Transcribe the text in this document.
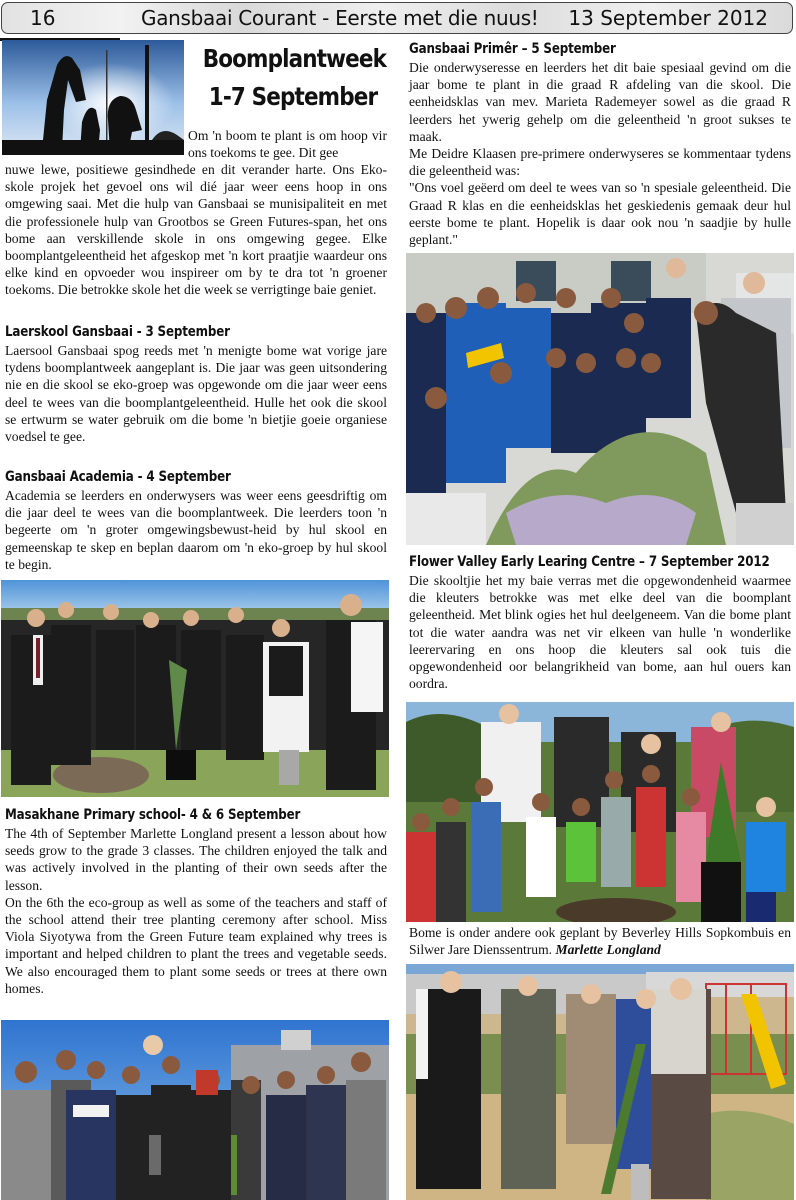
16	Gansbaai Courant - Eerste met die nuus! 13 September 2012
Boomplantweek
1-7 September

Om 'n boom te plant is om hoop vir ons toekoms te gee. Dit gee

nuwe lewe, positiewe gesindhede en dit verander harte. Ons Eko-skole projek het gevoel ons wil dié jaar weer eens hoop in ons omgewing saai. Met die hulp van Gansbaai se munisipaliteit en met die professionele hulp van Grootbos se Green Futures-span, het ons bome aan verskillende skole in ons omgewing gegee. Elke boomplantgeleentheid het afgeskop met 'n kort praatjie waardeur ons elke kind en opvoeder wou inspireer om by te dra tot 'n groener toekoms. Die betrokke skole het die week se verrigtinge baie geniet.

Laerskool Gansbaai - 3 September

Laersool Gansbaai spog reeds met 'n menigte bome wat vorige jare tydens boomplantweek aangeplant is. Die jaar was geen uitsondering nie en die skool se eko-groep was opgewonde om die jaar weer eens deel te wees van die boomplantgeleentheid. Hulle het ook die skool se ertwurm se water gebruik om die bome 'n bietjie goeie organiese voedsel te gee.

Gansbaai Academia - 4 September

Academia se leerders en onderwysers was weer eens geesdriftig om die jaar deel te wees van die boomplantweek. Die leerders toon 'n begeerte om 'n groter omgewingsbewust-heid by hul skool en gemeenskap te skep en beplan daarom om 'n eko-groep by hul skool te begin.

Masakhane Primary school- 4 & 6 September

The 4th of September Marlette Longland present a lesson about how seeds grow to the grade 3 classes. The children enjoyed the talk and was actively involved in the planting of their own seeds after the lesson.

On the 6th the eco-group as well as some of the teachers and staff of the school attend their tree planting ceremony after school. Miss Viola Siyotywa from the Green Future team explained why trees is important and helped children to plant the trees and vegetable seeds. We also encouraged them to plant some seeds or trees at there own homes.

Gansbaai Primêr – 5 September

Die onderwyseresse en leerders het dit baie spesiaal gevind om die jaar bome te plant in die graad R afdeling van die skool. Die eenheidsklas van mev. Marieta Rademeyer sowel as die graad R leerders het ywerig gehelp om die geleentheid 'n groot sukses te maak.

Me Deidre Klaasen pre-primere onderwyseres se kommentaar tydens die geleentheid was:

"Ons voel geëerd om deel te wees van so 'n spesiale geleentheid. Die Graad R klas en die eenheidsklas het geskiedenis gemaak deur hul eerste bome te plant. Hopelik is daar ook nou 'n saadjie by hulle geplant."

Flower Valley Early Learing Centre – 7 September 2012

Die skooltjie het my baie verras met die opgewondenheid waarmee die kleuters betrokke was met elke deel van die boomplant geleentheid. Met blink ogies het hul deelgeneem. Van die bome plant tot die water aandra was net vir elkeen van hulle 'n wonderlike leerervaring en ons hoop die kleuters sal ook tuis die opgewondenheid oor belangrikheid van bome, aan hul ouers kan oordra.

Bome is onder andere ook geplant by Beverley Hills Sopkombuis en Silwer Jare Dienssentrum. Marlette Longland
